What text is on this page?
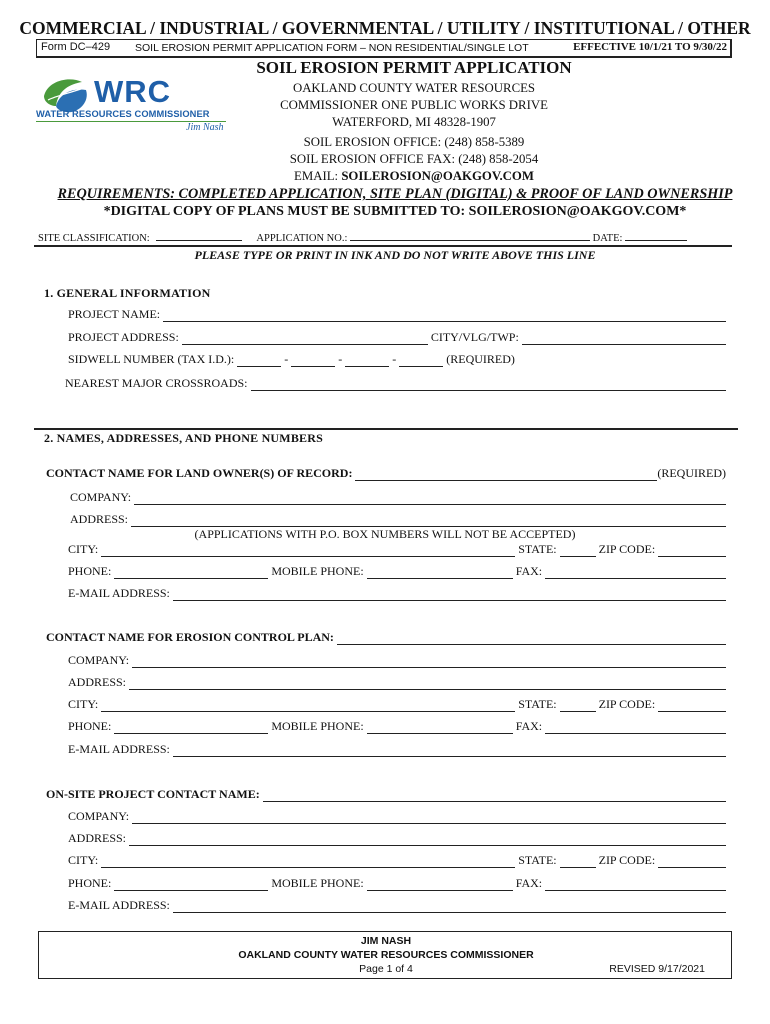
COMMERCIAL / INDUSTRIAL / GOVERNMENTAL / UTILITY / INSTITUTIONAL / OTHER
Form DC–429 SOIL EROSION PERMIT APPLICATION FORM – NON RESIDENTIAL/SINGLE LOT	EFFECTIVE 10/1/21 TO 9/30/22
WRC
WATER RESOURCES COMMISSIONER
Jim Nash
SOIL EROSION PERMIT APPLICATION
OAKLAND COUNTY WATER RESOURCES
COMMISSIONER ONE PUBLIC WORKS DRIVE
WATERFORD, MI 48328-1907
SOIL EROSION OFFICE: (248) 858-5389
SOIL EROSION OFFICE FAX: (248) 858-2054
EMAIL: SOILEROSION@OAKGOV.COM
REQUIREMENTS: COMPLETED APPLICATION, SITE PLAN (DIGITAL) & PROOF OF LAND OWNERSHIP
*DIGITAL COPY OF PLANS MUST BE SUBMITTED TO: SOILEROSION@OAKGOV.COM*
SITE CLASSIFICATION:	APPLICATION NO.:	DATE:
PLEASE TYPE OR PRINT IN INK AND DO NOT WRITE ABOVE THIS LINE
1. GENERAL INFORMATION
PROJECT NAME:
PROJECT ADDRESS:	CITY/VLG/TWP:
SIDWELL NUMBER (TAX I.D.):	-	-	-	(REQUIRED)
NEAREST MAJOR CROSSROADS:
2. NAMES, ADDRESSES, AND PHONE NUMBERS
CONTACT NAME FOR LAND OWNER(S) OF RECORD:	(REQUIRED)
COMPANY:
ADDRESS:
(APPLICATIONS WITH P.O. BOX NUMBERS WILL NOT BE ACCEPTED)
CITY:	STATE:	ZIP CODE:
PHONE:	MOBILE PHONE:	FAX:
E-MAIL ADDRESS:
CONTACT NAME FOR EROSION CONTROL PLAN:
COMPANY:
ADDRESS:
CITY:	STATE:	ZIP CODE:
PHONE:	MOBILE PHONE:	FAX:
E-MAIL ADDRESS:
ON-SITE PROJECT CONTACT NAME:
COMPANY:
ADDRESS:
CITY:	STATE:	ZIP CODE:
PHONE:	MOBILE PHONE:	FAX:
E-MAIL ADDRESS:
JIM NASH
OAKLAND COUNTY WATER RESOURCES COMMISSIONER
Page 1 of 4	REVISED 9/17/2021
